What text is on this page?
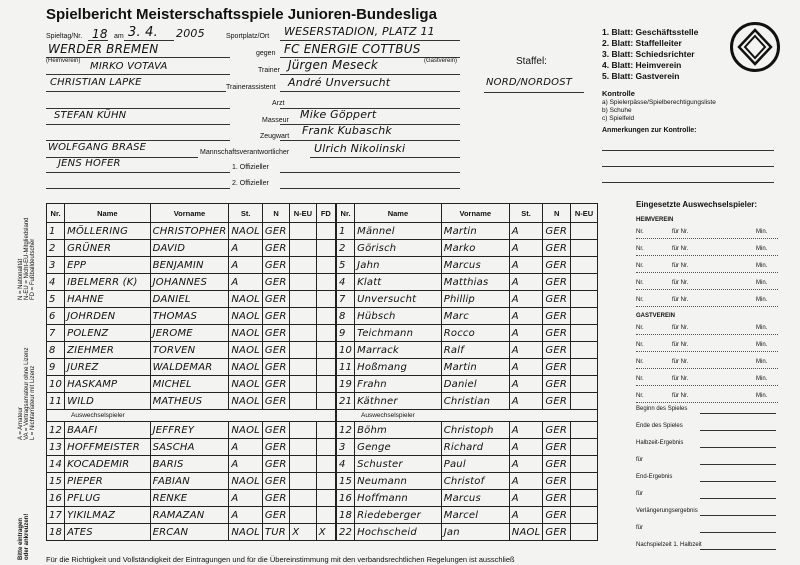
Spielbericht Meisterschaftsspiele Junioren-Bundesliga
Spieltag/Nr. 18 am 3. 4. 2005	Sportplatz/Ort WESERSTADION, PLATZ 11
WERDER BREMEN
(Heimverein)
gegen FC ENERGIE COTTBUS
(Gastverein)
MIRKO VOTAVA	Trainer Jürgen Meseck
CHRISTIAN LAPKE	Trainerassistent André Unversucht
Arzt
STEFAN KÜHN	Masseur Mike Göppert
Zeugwart Frank Kubaschk
WOLFGANG BRASE	Mannschaftsverantwortlicher Ulrich Nikolinski
JENS HÖFER	1. Offizieller
2. Offizieller
1. Blatt: Geschäftsstelle
2. Blatt: Staffelleiter
3. Blatt: Schiedsrichter
4. Blatt: Heimverein
5. Blatt: Gastverein
Staffel:
NORD/NORDOST
Kontrolle
a) Spielerpässe/Spielberechtigungsliste
b) Schuhe
c) Spielfeld
Anmerkungen zur Kontrolle:
N = Nationalität N-EU = Nicht-EU-Mitgliedsland FD = Fußballdeutscher
A = Amateur VA = Vertragsamateur ohne Lizenz L = Nichtamateur mit Lizenz
Bitte eintragen oder ankreuzen!
Nr.	Name	Vorname	St.	N	N-EU	FD
1	MÖLLERING	CHRISTOPHER	NAOL	GER		
2	GRÜNER	DAVID	A	GER		
3	EPP	BENJAMIN	A	GER		
4	IBELMERR (K)	JOHANNES	A	GER		
5	HAHNE	DANIEL	NAOL	GER		
6	JOHRDEN	THOMAS	NAOL	GER		
7	POLENZ	JEROME	NAOL	GER		
8	ZIEHMER	TORVEN	NAOL	GER		
9	JUREZ	WALDEMAR	NAOL	GER		
10	HASKAMP	MICHEL	NAOL	GER		
11	WILD	MATHEUS	NAOL	GER		
Auswechselspieler						
12	BAAFI	JEFFREY	NAOL	GER		
13	HOFFMEISTER	SASCHA	A	GER		
14	KOCADEMIR	BARIS	A	GER		
15	PIEPER	FABIAN	NAOL	GER		
16	PFLUG	RENKE	A	GER		
17	YIKILMAZ	RAMAZAN	A	GER		
18	ATES	ERCAN	NAOL	TUR	X	X
Nr.	Name	Vorname	St.	N	N-EU
1	Männel	Martin	A	GER	
2	Görisch	Marko	A	GER	
5	Jahn	Marcus	A	GER	
4	Klatt	Matthias	A	GER	
7	Unversucht	Phillip	A	GER	
8	Hübsch	Marc	A	GER	
9	Teichmann	Rocco	A	GER	
10	Marrack	Ralf	A	GER	
11	Hoßmang	Martin	A	GER	
19	Frahn	Daniel	A	GER	
21	Käthner	Christian	A	GER	
Auswechselspieler					
12	Böhm	Christoph	A	GER	
3	Genge	Richard	A	GER	
4	Schuster	Paul	A	GER	
15	Neumann	Christof	A	GER	
16	Hoffmann	Marcus	A	GER	
18	Riedeberger	Marcel	A	GER	
22	Hochscheid	Jan	NAOL	GER	
Eingesetzte Auswechselspieler:
HEIMVEREIN
Nr.	für Nr.	Min.
Nr.	für Nr.	Min.
Nr.	für Nr.	Min.
Nr.	für Nr.	Min.
Nr.	für Nr.	Min.
GASTVEREIN
Nr.	für Nr.	Min.
Nr.	für Nr.	Min.
Nr.	für Nr.	Min.
Nr.	für Nr.	Min.
Nr.	für Nr.	Min.
Beginn des Spieles
Ende des Spieles
Halbzeit-Ergebnis
für
End-Ergebnis
für
Verlängerungsergebnis
für
Nachspielzeit 1. Halbzeit
Für die Richtigkeit und Vollständigkeit der Eintragungen und für die Übereinstimmung mit den verbandsrechtlichen Regelungen ist ausschließ
